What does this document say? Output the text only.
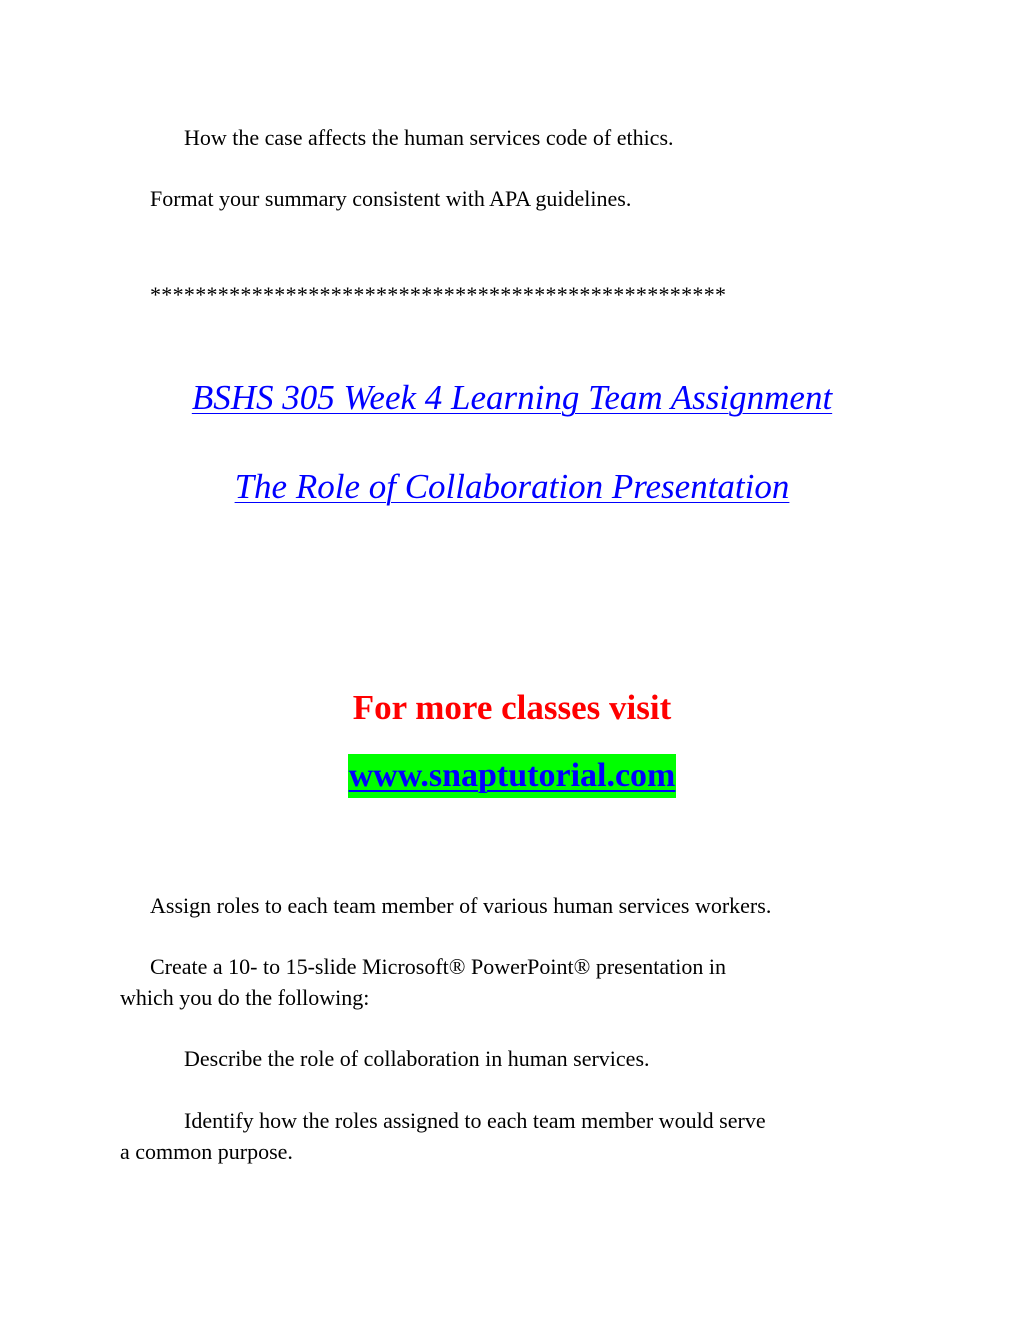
How the case affects the human services code of ethics.
Format your summary consistent with APA guidelines.
***************************************************
BSHS 305 Week 4 Learning Team Assignment
The Role of Collaboration Presentation
For more classes visit
www.snaptutorial.com
Assign roles to each team member of various human services workers.
Create a 10- to 15-slide Microsoft® PowerPoint® presentation in
which you do the following:
Describe the role of collaboration in human services.
Identify how the roles assigned to each team member would serve
a common purpose.
